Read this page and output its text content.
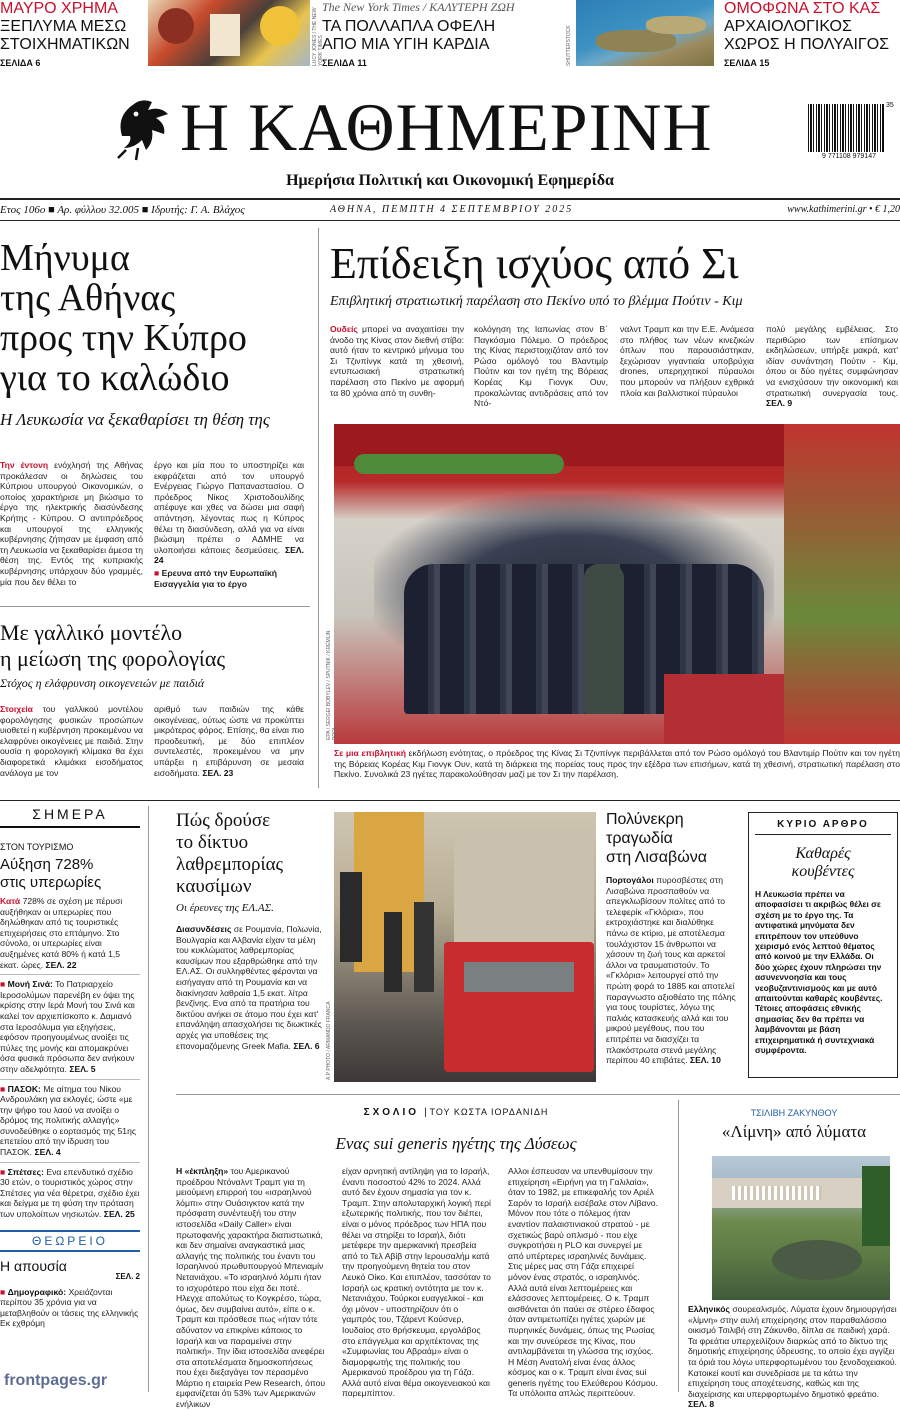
ΜΑΥΡΟ ΧΡΗΜΑ
ΞΕΠΛΥΜΑ ΜΕΣΩ
ΣΤΟΙΧΗΜΑΤΙΚΩΝ
ΣΕΛΙΔΑ 6	LUCY JONES / THE NEW YORK TIMES
The New York Times / ΚΑΛΥΤΕΡΗ ΖΩΗ
ΤΑ ΠΟΛΛΑΠΛΑ ΟΦΕΛΗ
ΑΠΟ ΜΙΑ ΥΓΙΗ ΚΑΡΔΙΑ
ΣΕΛΙΔΑ 11	SHUTTERSTOCK
ΟΜΟΦΩΝΑ ΣΤΟ ΚΑΣ
ΑΡΧΑΙΟΛΟΓΙΚΟΣ
ΧΩΡΟΣ Η ΠΟΛΥΑΙΓΟΣ
ΣΕΛΙΔΑ 15
Η ΚΑΘΗΜΕΡΙΝΗ	35
9 771108 979147
Ημερήσια Πολιτική και Οικονομική Εφημερίδα
Ετος 106ο ■ Αρ. φύλλου 32.005 ■ Ιδρυτής: Γ. Α. Βλάχος	ΑΘΗΝΑ, ΠΕΜΠΤΗ 4 ΣΕΠΤΕΜΒΡΙΟΥ 2025	www.kathimerini.gr • € 1,20
Μήνυμα
της Αθήνας
προς την Κύπρο
για το καλώδιο
Η Λευκωσία να ξεκαθαρίσει τη θέση της
Την έντονη ενόχλησή της Αθήνας προκάλεσαν οι δηλώσεις του Κύπριου υπουργού Οικονομικών, ο οποίος χαρακτήρισε μη βιώσιμο το έργο της ηλεκτρικής διασύνδεσης Κρήτης - Κύπρου. Ο αντιπρόεδρος και υπουργοί της ελληνικής κυβέρνησης ζήτησαν με έμφαση από τη Λευκωσία να ξεκαθαρίσει άμεσα τη θέση της. Εντός της κυπριακής κυβέρνησης υπάρχουν δύο γραμμές, μία που δεν θέλει το
έργο και μία που το υποστηρίζει και εκφράζεται από τον υπουργό Ενέργειας Γιώργο Παπαναστασίου. Ο πρόεδρος Νίκος Χριστοδουλίδης απέφυγε και χθες να δώσει μια σαφή απάντηση, λέγοντας πως η Κύπρος θέλει τη διασύνδεση, αλλά για να είναι βιώσιμη πρέπει ο ΑΔΜΗΕ να υλοποιήσει κάποιες δεσμεύσεις. ΣΕΛ. 24
■ Ερευνα από την Ευρωπαϊκή
Εισαγγελία για το έργο
Με γαλλικό μοντέλο
η μείωση της φορολογίας
Στόχος η ελάφρυνση οικογενειών με παιδιά
Στοιχεία του γαλλικού μοντέλου φορολόγησης φυσικών προσώπων υιοθετεί η κυβέρνηση προκειμένου να ελαφρύνει οικογένειες με παιδιά. Στην ουσία η φορολογική κλίμακα θα έχει διαφορετικά κλιμάκια εισοδήματος ανάλογα με τον
αριθμό των παιδιών της κάθε οικογένειας, ούτως ώστε να προκύπτει μικρότερος φόρος. Επίσης, θα είναι πιο προοδευτική, με δύο επιπλέον συντελεστές, προκειμένου να μην υπάρξει η επιβάρυνση σε μεσαία εισοδήματα. ΣΕΛ. 23
Επίδειξη ισχύος από Σι
Επιβλητική στρατιωτική παρέλαση στο Πεκίνο υπό το βλέμμα Πούτιν - Κιμ
Ουδείς μπορεί να αναχαιτίσει την άνοδο της Κίνας στον διεθνή στίβο: αυτό ήταν το κεντρικό μήνυμα του Σι Τζινπίνγκ κατά τη χθεσινή, εντυπωσιακή στρατιωτική παρέλαση στο Πεκίνο με αφορμή τα 80 χρόνια από τη συνθη-
κολόγηση της Ιαπωνίας στον Β΄ Παγκόσμιο Πόλεμο. Ο πρόεδρος της Κίνας περιστοιχιζόταν από τον Ρώσο ομόλογό του Βλαντιμίρ Πούτιν και τον ηγέτη της Βόρειας Κορέας Κιμ Γιονγκ Ουν, προκαλώντας αντιδράσεις από τον Ντό-
ναλντ Τραμπ και την Ε.Ε. Ανάμεσα στο πλήθος των νέων κινεζικών όπλων που παρουσιάστηκαν, ξεχώρισαν γιγαντιαία υποβρύχια drones, υπερηχητικοί πύραυλοι που μπορούν να πλήξουν εχθρικά πλοία και βαλλιστικοί πύραυλοι
πολύ μεγάλης εμβέλειας. Στο περιθώριο των επίσημων εκδηλώσεων, υπήρξε μακρά, κατ' ιδίαν συνάντηση Πούτιν - Κιμ, όπου οι δύο ηγέτες συμφώνησαν να ενισχύσουν την οικονομική και στρατιωτική συνεργασία τους. ΣΕΛ. 9
EPA / SERGEI BOBYLEV / SPUTNIK / KREMLIN POOL
Σε μια επιβλητική εκδήλωση ενότητας, ο πρόεδρος της Κίνας Σι Τζινπίνγκ περιβάλλεται από τον Ρώσο ομόλογό του Βλαντιμίρ Πούτιν και τον ηγέτη της Βόρειας Κορέας Κιμ Γιονγκ Ουν, κατά τη διάρκεια της πορείας τους προς την εξέδρα των επισήμων, κατά τη χθεσινή, στρατιωτική παρέλαση στο Πεκίνο. Συνολικά 23 ηγέτες παρακολούθησαν μαζί με τον Σι την παρέλαση.
ΣΗΜΕΡΑ
ΣΤΟΝ ΤΟΥΡΙΣΜΟ
Αύξηση 728%
στις υπερωρίες
Κατά 728% σε σχέση με πέρυσι αυξήθηκαν οι υπερωρίες που δηλώθηκαν από τις τουριστικές επιχειρήσεις στο επτάμηνο. Στο σύνολο, οι υπερωρίες είναι αυξημένες κατά 80% ή κατά 1,5 εκατ. ώρες. ΣΕΛ. 22
■ Μονή Σινά: Το Πατριαρχείο Ιεροσολύμων παρενέβη εν όψει της κρίσης στην Ιερά Μονή του Σινά και καλεί τον αρχιεπίσκοπο κ. Δαμιανό στα Ιεροσόλυμα για εξηγήσεις, εφόσον προηγουμένως ανοίξει τις πύλες της μονής και απομακρύνει όσα φυσικά πρόσωπα δεν ανήκουν στην αδελφότητα. ΣΕΛ. 5
■ ΠΑΣΟΚ: Με αίτημα του Νίκου Ανδρουλάκη για εκλογές, ώστε «με την ψήφο του λαού να ανοίξει ο δρόμος της πολιτικής αλλαγής» συνοδεύθηκε ο εορτασμός της 51ης επετείου από την ίδρυση του ΠΑΣΟΚ. ΣΕΛ. 4
■ Σπέτσες: Ενα επενδυτικό σχέδιο 30 ετών, ο τουριστικός χώρος στην Σπέτσες για νέα θέρετρα, σχέδιο έχει και δείγμα με τη φύση την πρόταση των υπολοίπων νησιωτών. ΣΕΛ. 25
ΘΕΩΡΕΙΟ
Η απουσία
ΣΕΛ. 2
■ Δημογραφικό: Χρειάζονται περίπου 35 χρόνια για να μεταβληθούν οι τάσεις της ελληνικής Εκ εχθρόμη
Πώς δρούσε
το δίκτυο
λαθρεμπορίας
καυσίμων
Οι έρευνες της ΕΛ.ΑΣ.
Διασυνδέσεις σε Ρουμανία, Πολωνία, Βουλγαρία και Αλβανία είχαν τα μέλη του κυκλώματος λαθρεμπορίας καυσίμων που εξαρθρώθηκε από την ΕΛ.ΑΣ. Οι συλληφθέντες φέρονται να εισήγαγαν από τη Ρουμανία και να διακίνησαν λαθραία 1,5 εκατ. λίτρα βενζίνης. Ενα από τα πρατήρια του δικτύου ανήκει σε άτομο που έχει κατ' επανάληψη απασχολήσει τις διωκτικές αρχές για υποθέσεις της επονομαζόμενης Greek Mafia. ΣΕΛ. 6	A.P PHOTO / ARMANDO FRANCA
Πολύνεκρη
τραγωδία
στη Λισαβώνα
Πορτογάλοι πυροσβέστες στη Λισαβώνα προσπαθούν να απεγκλωβίσουν πολίτες από το τελεφερίκ «Γκλόρια», που εκτροχιάστηκε και διαλύθηκε πάνω σε κτίριο, με αποτέλεσμα τουλάχιστον 15 άνθρωποι να χάσουν τη ζωή τους και αρκετοί άλλοι να τραυματιστούν. Το «Γκλόρια» λειτουργεί από την πρώτη φορά το 1885 και αποτελεί παραγνωστο αξιοθέατο της πόλης για τους τουρίστες, λόγω της παλιάς κατασκευής αλλά και του μικρού μεγέθους, που του επιτρέπει να διασχίζει τα πλακόστρωτα στενά μεγάλης περίπου 40 επιβάτες. ΣΕΛ. 10
ΚΥΡΙΟ ΑΡΘΡΟ
Καθαρές
κουβέντες
Η Λευκωσία πρέπει να αποφασίσει τι ακριβώς θέλει σε σχέση με το έργο της. Τα αντιφατικά μηνύματα δεν επιτρέπουν τον υπεύθυνο χειρισμό ενός λεπτού θέματος από κοινού με την Ελλάδα. Οι δύο χώρες έχουν πληρώσει την ασυνεννοησία και τους νεοβυζαντινισμούς και με αυτό απαιτούνται καθαρές κουβέντες. Τέτοιες αποφάσεις εθνικής σημασίας δεν θα πρέπει να λαμβάνονται με βάση επιχειρηματικά ή συντεχνιακά συμφέροντα.
ΣΧΟΛΙΟ | ΤΟΥ ΚΩΣΤΑ ΙΟΡΔΑΝΙΔΗ
Ενας sui generis ηγέτης της Δύσεως
Η «έκπληξη» του Αμερικανού προέδρου Ντόναλντ Τραμπ για τη μειούμενη επιρροή του «ισραηλινού λόμπι» στην Ουάσιγκτον κατά την πρόσφατη συνέντευξή του στην ιστοσελίδα «Daily Caller» είναι πρωτοφανής χαρακτήρα διαπιστωτικά, και δεν σημαίνει αναγκαστικά μιας αλλαγής της πολιτικής του έναντι του Ισραηλινού πρωθυπουργού Μπενιαμίν Νετανιάχου. «Το ισραηλινό λόμπι ήταν το ισχυρότερο που είχα δει ποτέ. Ηλεγχε απολύτως το Κογκρέσο, τώρα, όμως, δεν συμβαίνει αυτό», είπε ο κ. Τραμπ και πρόσθεσε πως «ήταν τότε αδύνατον να επικρίνει κάποιος το Ισραήλ και να παραμείνει στην πολιτική». Την ίδια ιστοσελίδα ανεφέρει στα αποτελέσματα δημοσκοπήσεως που έχει διεξαγάγει τον περασμένο Μάρτιο η εταιρεία Pew Research, όπου εμφανίζεται ότι 53% των Αμερικανών ενήλικων
είχαν αρνητική αντίληψη για το Ισραήλ, έναντι ποσοστού 42% το 2024. Αλλά αυτό δεν έχουν σημασία για τον κ. Τραμπ. Στην απολυταρχική λογική περί εξωτερικής πολιτικής, που τον διέπει, είναι ο μόνος πρόεδρος των ΗΠΑ που θέλει να στηρίξει το Ισραήλ, διότι μετέφερε την αμερικανική πρεσβεία από το Τελ Αβίβ στην Ιερουσαλήμ κατά την προηγούμενη θητεία του στον Λευκό Οίκο. Και επιπλέον, τασσόταν το Ισραήλ ως κρατική οντότητα με τον κ. Νετανιάχου. Τούρκοι ευαγγελικοί - και όχι μόνον - υποστηρίζουν ότι ο γαμπρός του, Τζάρεντ Κούσνερ, Ιουδαίος στο θρήσκευμα, εργολάβος στο επάγγελμα και αρχιτέκτονας της «Συμφωνίας του Αβραάμ» είναι ο διαμορφωτής της πολιτικής του Αμερικανού προέδρου για τη Γάζα. Αλλά αυτό είναι θέμα οικογενειακού και παρεμπίπτον.
Αλλοι έσπευσαν να υπενθυμίσουν την επιχείρηση «Ειρήνη για τη Γαλιλαία», όταν το 1982, με επικεφαλής τον Αριέλ Σαρόν το Ισραήλ εισέβαλε στον Λίβανο. Μόνον που τότε ο πόλεμος ήταν εναντίον παλαιστινιακού στρατού - με σχετικώς βαρύ οπλισμό - που είχε συγκροτήσει η PLO και συνεργεί με από υπέρτερες ισραηλινές δυνάμεις. Στις μέρες μας στη Γάζα επιχειρεί μόνον ένας στρατός, ο ισραηλινός. Αλλά αυτά είναι λεπτομέρειες και ελάσσονες λεπτομέρειες. Ο κ. Τραμπ αισθάνεται ότι παύει σε στέρεο έδαφος όταν αντιμετωπίζει ηγέτες χωρών με πυρηνικές δυνάμεις, όπως της Ρωσίας και την συνεύρεσε της Κίνας, που αντιλαμβάνεται τη γλώσσα της ισχύος. Η Μέση Ανατολή είναι ένας άλλος κόσμος και ο κ. Τραμπ είναι ένας sui generis ηγέτης του Ελεύθερου Κόσμου. Τα υπόλοιπα απλώς περιττεύουν.
ΤΣΙΛΙΒΗ ΖΑΚΥΝΘΟΥ
«Λίμνη» από λύματα
Ελληνικός σουρεαλισμός. Λύματα έχουν δημιουργήσει «λίμνη» στην αυλή επιχείρησης στον παραθαλάσσιο οικισμό Τσιλιβή στη Ζάκυνθο, δίπλα σε παιδική χαρά. Τα φρεάτια υπερχειλίζουν διαρκώς από το δίκτυο της δημοτικής επιχείρησης ύδρευσης, το οποίο έχει αγγίξει τα όριά του λόγω υπερφορτωμένου του ξενοδοχειακού. Κατοικεί κουτί και συνεδρίασε με τα κάτω την επιχείρηση τους αποχέτευσης, καθώς και της διαχείρισης και υπερφορτωμένο δημοτικό φρεάτιο. ΣΕΛ. 8
frontpages.gr
